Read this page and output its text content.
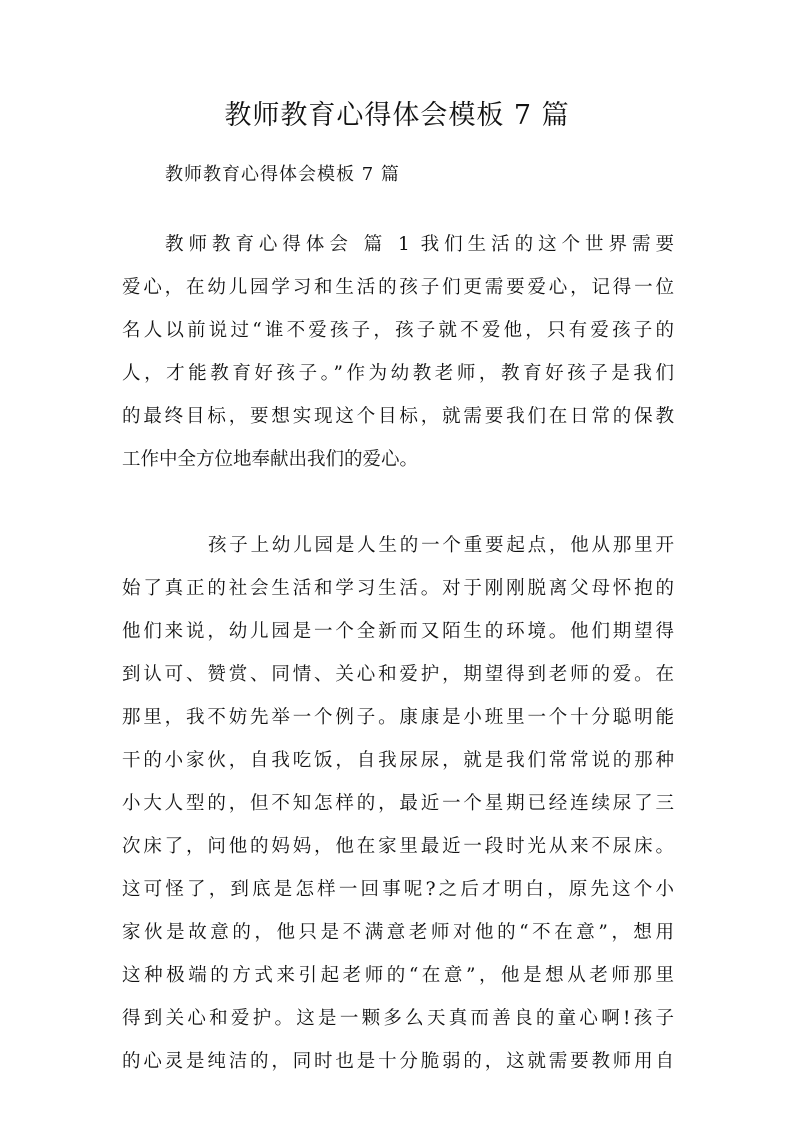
教师教育心得体会模板 7 篇
教师教育心得体会模板 7 篇
教师教育心得体会 篇 1 我们生活的这个世界需要
爱心，在幼儿园学习和生活的孩子们更需要爱心，记得一位
名人以前说过“谁不爱孩子，孩子就不爱他，只有爱孩子的
人，才能教育好孩子。”作为幼教老师，教育好孩子是我们
的最终目标，要想实现这个目标，就需要我们在日常的保教
工作中全方位地奉献出我们的爱心。
孩子上幼儿园是人生的一个重要起点，他从那里开
始了真正的社会生活和学习生活。对于刚刚脱离父母怀抱的
他们来说，幼儿园是一个全新而又陌生的环境。他们期望得
到认可、赞赏、同情、关心和爱护，期望得到老师的爱。在
那里，我不妨先举一个例子。康康是小班里一个十分聪明能
干的小家伙，自我吃饭，自我尿尿，就是我们常常说的那种
小大人型的，但不知怎样的，最近一个星期已经连续尿了三
次床了，问他的妈妈，他在家里最近一段时光从来不尿床。
这可怪了，到底是怎样一回事呢?之后才明白，原先这个小
家伙是故意的，他只是不满意老师对他的“不在意”，想用
这种极端的方式来引起老师的“在意”，他是想从老师那里
得到关心和爱护。这是一颗多么天真而善良的童心啊!孩子
的心灵是纯洁的，同时也是十分脆弱的，这就需要教师用自
